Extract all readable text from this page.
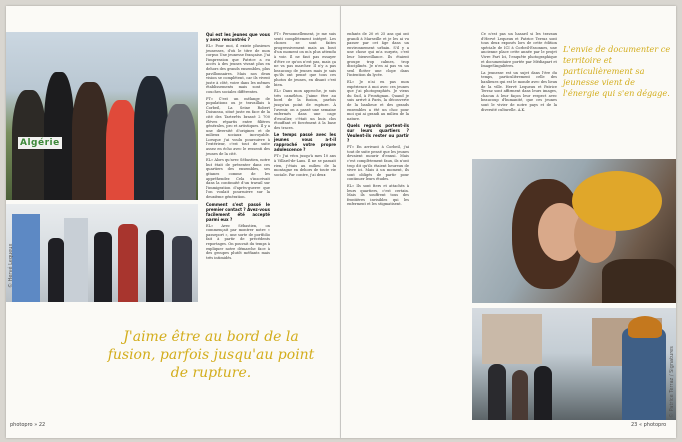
Algérie
© Hervé Lequeux
J'aime être au bord de la fusion, parfois jusqu'au point de rupture.
Qui est les jeunes que vous y avez rencontrés ?

EL» Pour moi, il existe plusieurs jeunesses, d'où le titre de mon corpus Une jeunesse française. J'ai l'impression que Patrice a eu accès à des jeunes vivant plus en dehors des grands ensembles, plus pavillonnaires. Mais nos deux vision se complètent, car ils vivent juste à côté, voire dans les mêmes établissements mais sont de couches sociales différentes.

PT» C'est un mélange de populations ou je travaillais à Corbeil, La Seine Robert Doisneau, situé juste en face de la cité des Tarterêts brassé 2 700 élèves répartis entre filières générales, pro et artistiques. Il y a une diversité d'origines et de milieux sociaux incroyable. Lorsque j'ai voulu poursuivre à l'extérieur, c'est tout de suite assez en écho avec le ressenti des jeunes de la cité.

EL» Alors qu'avec Sébastien, notre but était de présenter dans ces quartiers des ensembles, ses gitanes comme de les appréhender. Cela s'inscrivait dans la continuité d'un travail sur l'immigration d'après-guerre que l'on voulait poursuivre sur la deuxième génération.

Comment s'est passé le premier contact ? Avez-vous facilement été accepté parmi eux ?

EL» Avec Sébastien, on commençait par montrer notre « passeport », une sorte de portfolio fait à partir de précédents reportages. On pouvait du temps à expliquer notre démarche face à des groupes plutôt méfiants mais très intimidés.

PT» Personnellement, je me suis senti complètement intégré. Les choses se sont faites progressivement mais au bout d'un moment on m'a plus attendu à voir. Il ne faut pas essayer d'être ce qu'on n'est pas, mais ça ne va pas marcher. Il n'y a pas beaucoup de jeunes mais je sais qu'ils ont pensé que tous ces photos de jeunes, en disant c'est bien.

EL» Dans mon approche, je suis très caméléon. J'aime être au bord de la fusion, parfois jusqu'au point de rupture. À l'avenir, on a passé une semaine enfermés dans une cage d'escalier, c'était un huis clos étouffant et forcément à la base des traces.

Le temps passé avec les jeunes vous a-t-il rapproché votre propre adolescence ?

PT» J'ai vécu jusqu'à mes 10 ans à Villard-de-Lans. Il ne se passait rien, j'étais au milieu de la montagne en dehors de toute vie sociale. Par contre, j'ai deux

photopro » 22

enfants de 20 et 25 ans qui ont grandi à Marseille et je les ai vu passer par cet âge dans un environnement urbain. S'il y a une chose qui m'a surpris, c'est leur bienveillance. Ils étaient groupe trop calmes, trop disciplinés. Je n'en ai pas vu un seul flotter une clope dans l'intention du lycée.

EL» Je n'ai eu pas mon expérience à moi avec ces jeunes que j'ai photographiés. Je viens du Sud, à Frontignan. Quand je suis arrivé à Paris, la découverte de la banlieue et des grands ensembles a été un choc pour moi qui ai grandi au milieu de la nature.

Quels regards portent-ils sur leurs quartiers ? Veulent-ils rester ou partir ?

PT» En arrivant à Corbeil, j'ai tout de suite pensé que les jeunes devaient mourir d'ennui. Mais c'est complètement faux, ils n'ont trop dit qu'ils étaient heureux de vivre ici. Mais à un moment, ils sont obligés de partir pour continuer leurs études.

EL» Ils sont fiers et attachés à leurs quartiers, c'est certain. Mais ils souffrent tous des frontières invisibles qui les enferment et les stigmatisent.

Ce n'est pas un hasard si les travaux d'Hervé Lequeux et Patrice Terraz sont tous deux exposés lors de cette édition spéciale de ICI à Corbeil-Essonnes, une ancienne place cette année par le projet Vivre Part Ici, l'enquête photographique et documentaire portée par Médiapart et ImageSingulières.

La jeunesse est un sujet dans l'ère du temps, particulièrement celle des banlieues qui est le monde avec des lieux de la ville. Hervé Lequeux et Patrice Terraz sont affirment dans leurs images, chacun à leur façon leur respect avec beaucoup d'humanité, que ces jeunes sont le vivier de notre pays et de la diversité culturelle. A.K.

L'envie de documenter ce territoire et particulièrement sa jeunesse vient de l'énergie qui s'en dégage.
© Patrice Terraz / Signatures
23 « photopro
